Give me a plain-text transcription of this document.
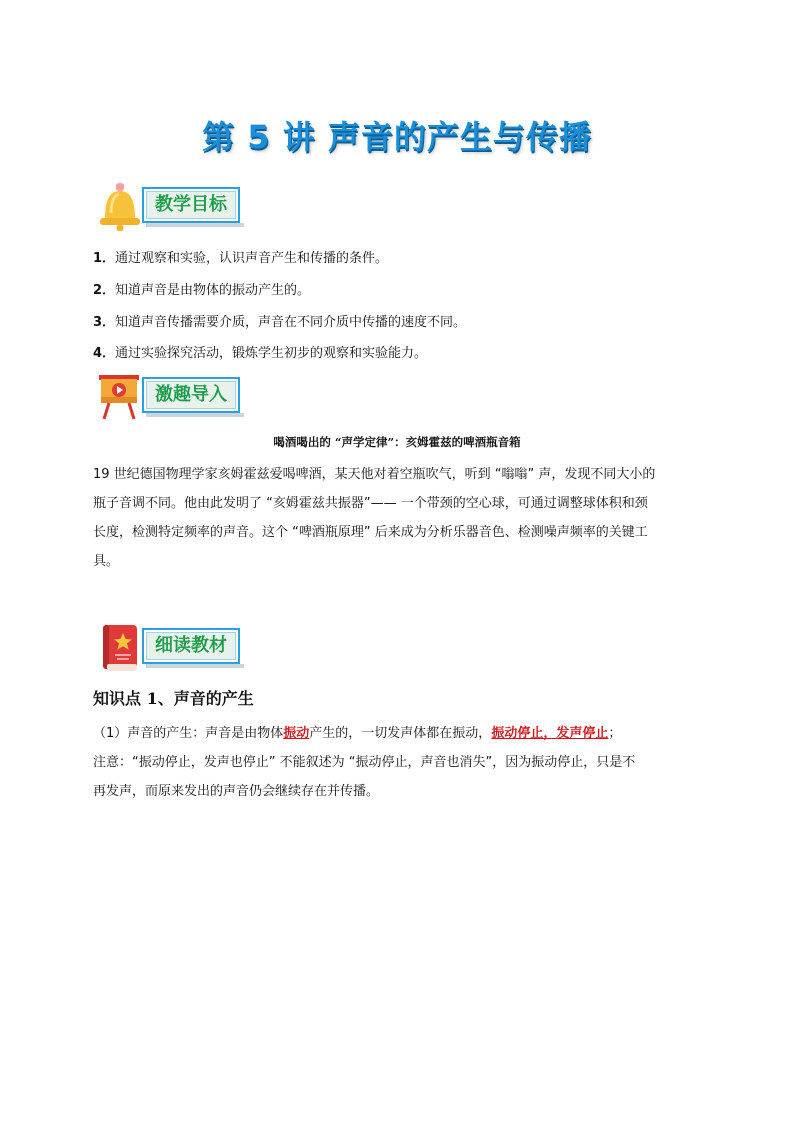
第 5 讲 声音的产生与传播
教学目标
1．通过观察和实验，认识声音产生和传播的条件。
2．知道声音是由物体的振动产生的。
3．知道声音传播需要介质，声音在不同介质中传播的速度不同。
4．通过实验探究活动，锻炼学生初步的观察和实验能力。
激趣导入
喝酒喝出的 “声学定律”：亥姆霍兹的啤酒瓶音箱
19 世纪德国物理学家亥姆霍兹爱喝啤酒，某天他对着空瓶吹气，听到 “嗡嗡” 声，发现不同大小的
瓶子音调不同。他由此发明了 “亥姆霍兹共振器”—— 一个带颈的空心球，可通过调整球体积和颈
长度，检测特定频率的声音。这个 “啤酒瓶原理” 后来成为分析乐器音色、检测噪声频率的关键工
具。
细读教材
知识点 1、声音的产生
（1）声音的产生：声音是由物体振动产生的，一切发声体都在振动，振动停止，发声停止；
注意：“振动停止，发声也停止” 不能叙述为 “振动停止，声音也消失”，因为振动停止，只是不
再发声，而原来发出的声音仍会继续存在并传播。
